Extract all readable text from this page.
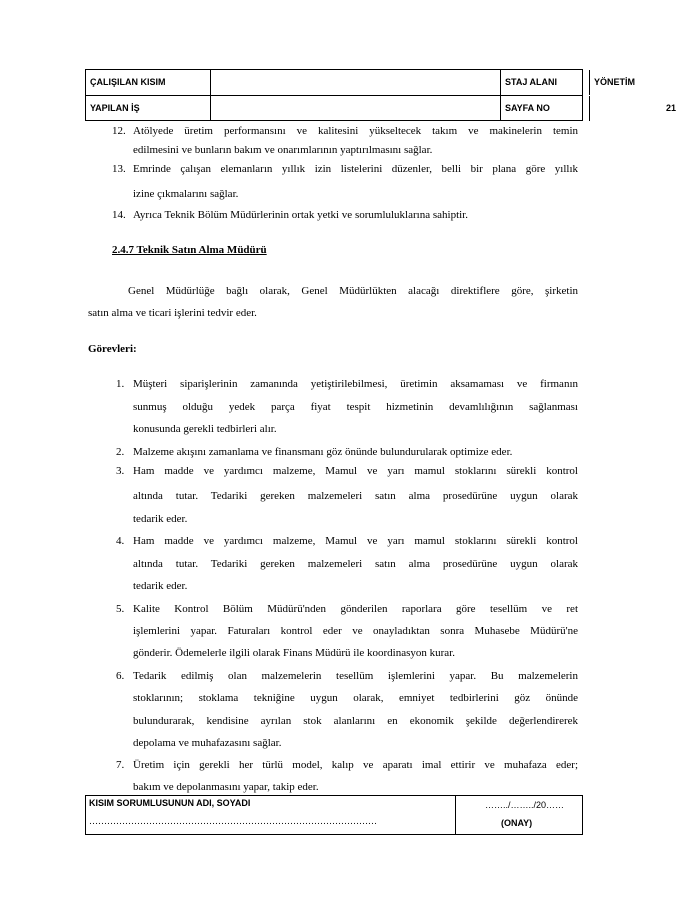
ÇALIŞILAN KISIM	STAJ ALANI	YÖNETİM
YAPILAN İŞ	SAYFA NO	21
12. Atölyede üretim performansını ve kalitesini yükseltecek takım ve makinelerin temin
edilmesini ve bunların bakım ve onarımlarının yaptırılmasını sağlar.
13. Emrinde çalışan elemanların yıllık izin listelerini düzenler, belli bir plana göre yıllık
izine çıkmalarını sağlar.
14. Ayrıca Teknik Bölüm Müdürlerinin ortak yetki ve sorumluluklarına sahiptir.
2.4.7 Teknik Satın Alma Müdürü
Genel Müdürlüğe bağlı olarak, Genel Müdürlükten alacağı direktiflere göre, şirketin
satın alma ve ticari işlerini tedvir eder.
Görevleri:
1. Müşteri siparişlerinin zamanında yetiştirilebilmesi, üretimin aksamaması ve firmanın
sunmuş olduğu yedek parça fiyat tespit hizmetinin devamlılığının sağlanması
konusunda gerekli tedbirleri alır.
2. Malzeme akışını zamanlama ve finansmanı göz önünde bulundurularak optimize eder.
3. Ham madde ve yardımcı malzeme, Mamul ve yarı mamul stoklarını sürekli kontrol
altında tutar. Tedariki gereken malzemeleri satın alma prosedürüne uygun olarak
tedarik eder.
4. Ham madde ve yardımcı malzeme, Mamul ve yarı mamul stoklarını sürekli kontrol
altında tutar. Tedariki gereken malzemeleri satın alma prosedürüne uygun olarak
tedarik eder.
5. Kalite Kontrol Bölüm Müdürü'nden gönderilen raporlara göre tesellüm ve ret
işlemlerini yapar. Faturaları kontrol eder ve onayladıktan sonra Muhasebe Müdürü'ne
gönderir. Ödemelerle ilgili olarak Finans Müdürü ile koordinasyon kurar.
6. Tedarik edilmiş olan malzemelerin tesellüm işlemlerini yapar. Bu malzemelerin
stoklarının; stoklama tekniğine uygun olarak, emniyet tedbirlerini göz önünde
bulundurarak, kendisine ayrılan stok alanlarını en ekonomik şekilde değerlendirerek
depolama ve muhafazasını sağlar.
7. Üretim için gerekli her türlü model, kalıp ve aparatı imal ettirir ve muhafaza eder;
bakım ve depolanmasını yapar, takip eder.
KISIM SORUMLUSUNUN ADI, SOYADI
……………………………………………………………………………………
……../……../20……
(ONAY)
